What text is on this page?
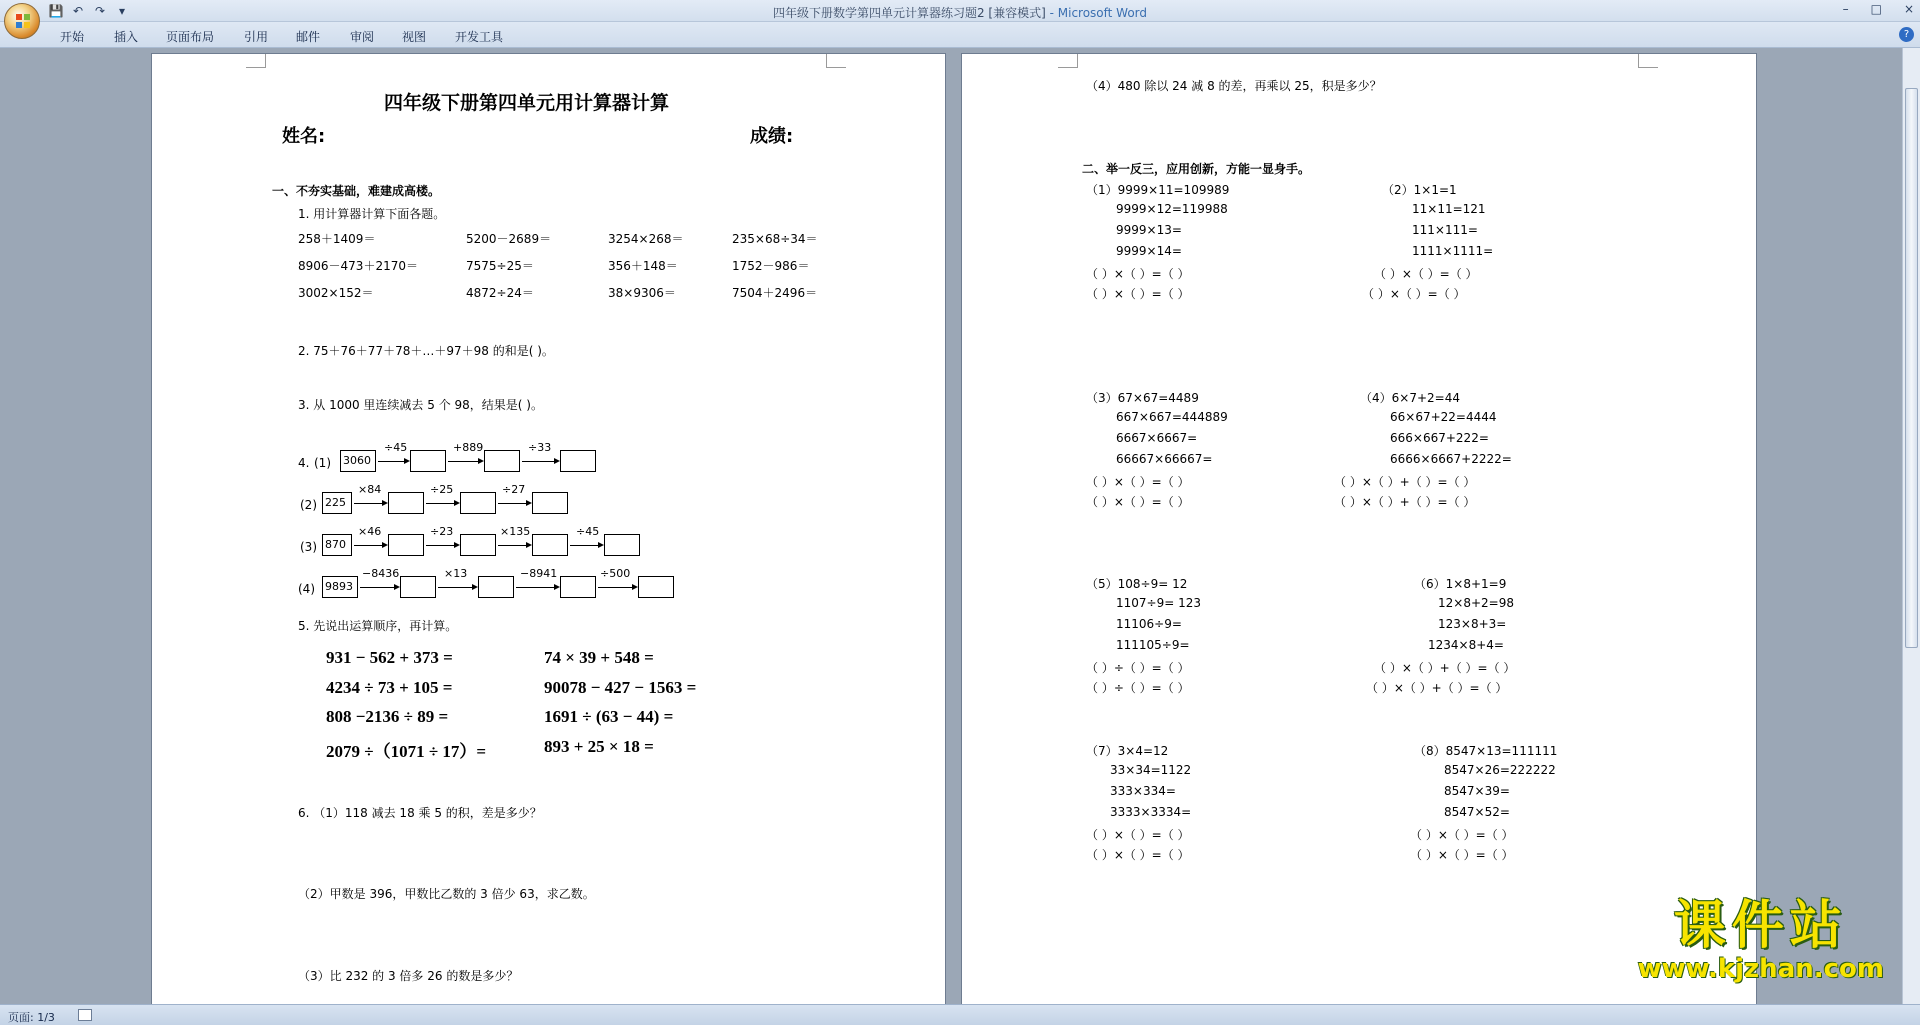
💾 ↶ ↷	▾	四年级下册数学第四单元计算器练习题2 [兼容模式] - Microsoft Word	– □ ×
开始 插入 页面布局 引用 邮件 审阅 视图 开发工具	?
四年级下册第四单元用计算器计算
姓名:	成绩:
一、不夯实基础，难建成高楼。
1. 用计算器计算下面各题。
258＋1409＝	5200－2689＝	3254×268＝	235×68÷34＝
8906－473＋2170＝	7575÷25＝	356＋148＝	1752－986＝
3002×152＝	4872÷24＝	38×9306＝	7504＋2496＝
2. 75＋76＋77＋78＋…＋97＋98 的和是( )。
3. 从 1000 里连续减去 5 个 98，结果是( )。
4. (1) 3060
÷45	+889	÷33
(2) 225
×84	÷25	÷27
(3) 870
×46	÷23	×135	÷45
(4) 9893
−8436	×13	−8941	÷500
5. 先说出运算顺序，再计算。
931 − 562 + 373 =	74 × 39 + 548 =
4234 ÷ 73 + 105 =	90078 − 427 − 1563 =
808 −2136 ÷ 89 =	1691 ÷ (63 − 44) =
2079 ÷（1071 ÷ 17）=	893 + 25 × 18 =
6. （1）118 减去 18 乘 5 的积，差是多少？
（2）甲数是 396，甲数比乙数的 3 倍少 63，求乙数。
（3）比 232 的 3 倍多 26 的数是多少？
（4）480 除以 24 减 8 的差，再乘以 25，积是多少？
二、举一反三，应用创新，方能一显身手。
（1）9999×11=109989
9999×12=119988
9999×13=
9999×14=
（2）1×1=1
11×11=121
111×111=
1111×1111=
（ ）×（ ）=（ ）
（ ）×（ ）=（ ）
（ ）×（ ）=（ ）
（ ）×（ ）=（ ）
（3）67×67=4489
667×667=444889
6667×6667=
66667×66667=
（4）6×7+2=44
66×67+22=4444
666×667+222=
6666×6667+2222=
（ ）×（ ）=（ ）
（ ）×（ ）=（ ）
（ ）×（ ）+（ ）=（ ）
（ ）×（ ）+（ ）=（ ）
（5）108÷9= 12
1107÷9= 123
11106÷9=
111105÷9=
（6）1×8+1=9
12×8+2=98
123×8+3=
1234×8+4=
（ ）÷（ ）=（ ）
（ ）÷（ ）=（ ）
（ ）×（ ）+（ ）=（ ）
（ ）×（ ）+（ ）=（ ）
（7）3×4=12
33×34=1122
333×334=
3333×3334=
（8）8547×13=111111
8547×26=222222
8547×39=
8547×52=
（ ）×（ ）=（ ）
（ ）×（ ）=（ ）
（ ）×（ ）=（ ）
（ ）×（ ）=（ ）
课件站
www.kjzhan.com
页面: 1/3
